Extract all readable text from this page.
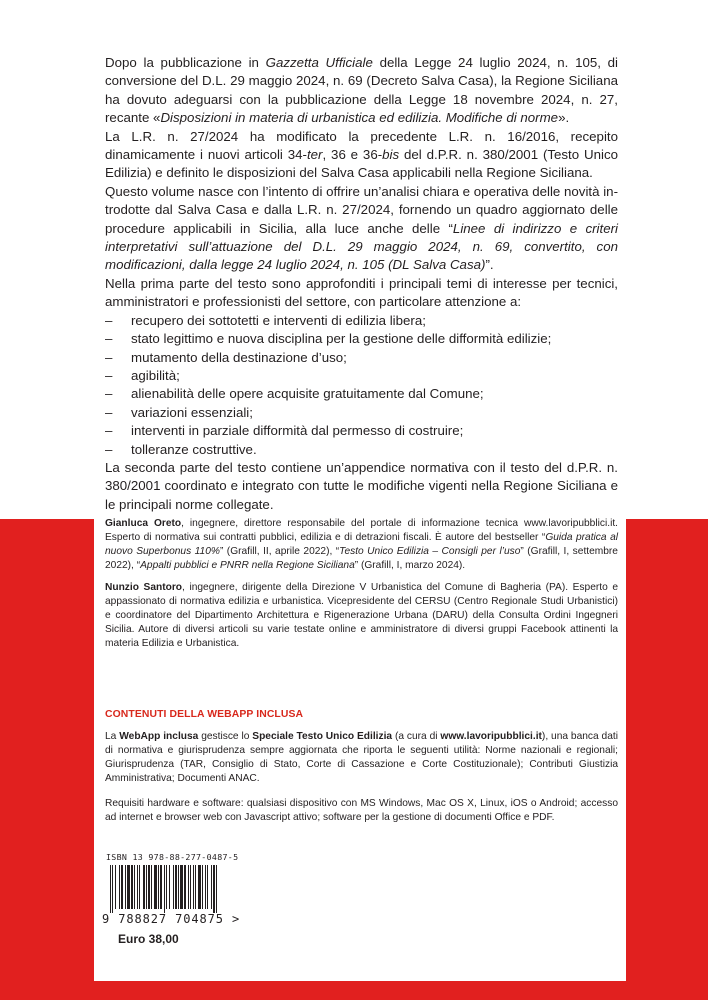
Dopo la pubblicazione in Gazzetta Ufficiale della Legge 24 luglio 2024, n. 105, di conversione del D.L. 29 maggio 2024, n. 69 (Decreto Salva Casa), la Regione Siciliana ha dovuto adeguarsi con la pubblicazione della Legge 18 novembre 2024, n. 27, recante «Disposizioni in materia di urbanistica ed edilizia. Modifiche di norme».

La L.R. n. 27/2024 ha modificato la precedente L.R. n. 16/2016, recepito dinamicamente i nuovi articoli 34-ter, 36 e 36-bis del d.P.R. n. 380/2001 (Testo Unico Edilizia) e definito le disposizioni del Salva Casa applicabili nella Regione Siciliana.

Questo volume nasce con l’intento di offrire un’analisi chiara e operativa delle novità introdotte dal Salva Casa e dalla L.R. n. 27/2024, fornendo un quadro aggiornato delle procedure applicabili in Sicilia, alla luce anche delle “Linee di indirizzo e criteri interpretativi sull’attuazione del D.L. 29 maggio 2024, n. 69, convertito, con modificazioni, dalla legge 24 luglio 2024, n. 105 (DL Salva Casa)”.

Nella prima parte del testo sono approfonditi i principali temi di interesse per tecnici, amministratori e professionisti del settore, con particolare attenzione a:

– recupero dei sottotetti e interventi di edilizia libera;
– stato legittimo e nuova disciplina per la gestione delle difformità edilizie;
– mutamento della destinazione d’uso;
– agibilità;
– alienabilità delle opere acquisite gratuitamente dal Comune;
– variazioni essenziali;
– interventi in parziale difformità dal permesso di costruire;
– tolleranze costruttive.

La seconda parte del testo contiene un’appendice normativa con il testo del d.P.R. n. 380/2001 coordinato e integrato con tutte le modifiche vigenti nella Regione Siciliana e le principali norme collegate.

Gianluca Oreto, ingegnere, direttore responsabile del portale di informazione tecnica www.lavoripubblici.it. Esperto di normativa sui contratti pubblici, edilizia e di detrazioni fiscali. È autore del bestseller “Guida pratica al nuovo Superbonus 110%” (Grafill, II, aprile 2022), “Testo Unico Edilizia – Consigli per l’uso” (Grafill, I, settembre 2022), “Appalti pubblici e PNRR nella Regione Siciliana” (Grafill, I, marzo 2024).

Nunzio Santoro, ingegnere, dirigente della Direzione V Urbanistica del Comune di Bagheria (PA). Esperto e appassionato di normativa edilizia e urbanistica. Vicepresidente del CERSU (Centro Regionale Studi Urbanistici) e coordinatore del Dipartimento Architettura e Rigenerazione Urbana (DARU) della Consulta Ordini Ingegneri Sicilia. Autore di diversi articoli su varie testate online e amministratore di diversi gruppi Facebook attinenti la materia Edilizia e Urbanistica.

CONTENUTI DELLA WEBAPP INCLUSA

La WebApp inclusa gestisce lo Speciale Testo Unico Edilizia (a cura di www.lavoripubblici.it), una banca dati di normativa e giurisprudenza sempre aggiornata che riporta le seguenti utilità: Norme nazionali e regionali; Giurisprudenza (TAR, Consiglio di Stato, Corte di Cassazione e Corte Costituzionale); Contributi Giustizia Amministrativa; Documenti ANAC.

Requisiti hardware e software: qualsiasi dispositivo con MS Windows, Mac OS X, Linux, iOS o Android; accesso ad internet e browser web con Javascript attivo; software per la gestione di documenti Office e PDF.

ISBN 13 978-88-277-0487-5
9 788827 704875 >
Euro 38,00
